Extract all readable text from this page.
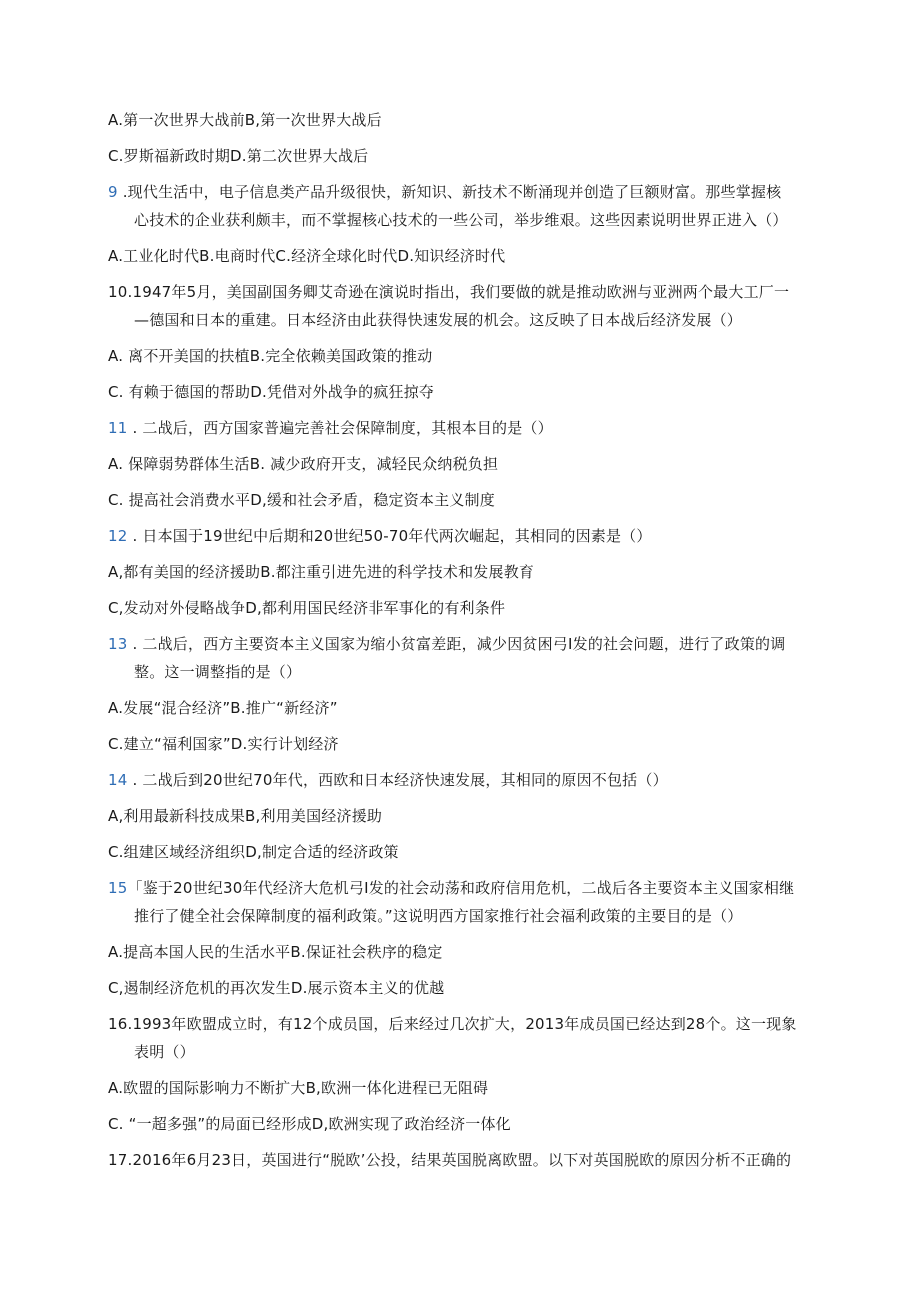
A.第一次世界大战前B,第一次世界大战后
C.罗斯福新政时期D.第二次世界大战后
9 .现代生活中，电子信息类产品升级很快，新知识、新技术不断涌现并创造了巨额财富。那些掌握核
心技术的企业获利颇丰，而不掌握核心技术的一些公司，举步维艰。这些因素说明世界正进入（）
A.工业化时代B.电商时代C.经济全球化时代D.知识经济时代
10.1947年5月，美国副国务卿艾奇逊在演说时指出，我们要做的就是推动欧洲与亚洲两个最大工厂一
—德国和日本的重建。日本经济由此获得快速发展的机会。这反映了日本战后经济发展（）
A. 离不开美国的扶植B.完全依赖美国政策的推动
C. 有赖于德国的帮助D.凭借对外战争的疯狂掠夺
11 . 二战后，西方国家普遍完善社会保障制度，其根本目的是（）
A. 保障弱势群体生活B. 减少政府开支，减轻民众纳税负担
C. 提高社会消费水平D,缓和社会矛盾，稳定资本主义制度
12 . 日本国于19世纪中后期和20世纪50-70年代两次崛起，其相同的因素是（）
A,都有美国的经济援助B.都注重引进先进的科学技术和发展教育
C,发动对外侵略战争D,都利用国民经济非军事化的有利条件
13 . 二战后，西方主要资本主义国家为缩小贫富差距，减少因贫困弓I发的社会问题，进行了政策的调
整。这一调整指的是（）
A.发展“混合经济”B.推广“新经济”
C.建立“福利国家”D.实行计划经济
14 . 二战后到20世纪70年代，西欧和日本经济快速发展，其相同的原因不包括（）
A,利用最新科技成果B,利用美国经济援助
C.组建区域经济组织D,制定合适的经济政策
15「鉴于20世纪30年代经济大危机弓I发的社会动荡和政府信用危机，二战后各主要资本主义国家相继
推行了健全社会保障制度的福利政策。”这说明西方国家推行社会福利政策的主要目的是（）
A.提高本国人民的生活水平B.保证社会秩序的稳定
C,遏制经济危机的再次发生D.展示资本主义的优越
16.1993年欧盟成立时，有12个成员国，后来经过几次扩大，2013年成员国已经达到28个。这一现象
表明（）
A.欧盟的国际影响力不断扩大B,欧洲一体化进程已无阻碍
C. “一超多强”的局面已经形成D,欧洲实现了政治经济一体化
17.2016年6月23日，英国进行“脱欧’公投，结果英国脱离欧盟。以下对英国脱欧的原因分析不正确的
